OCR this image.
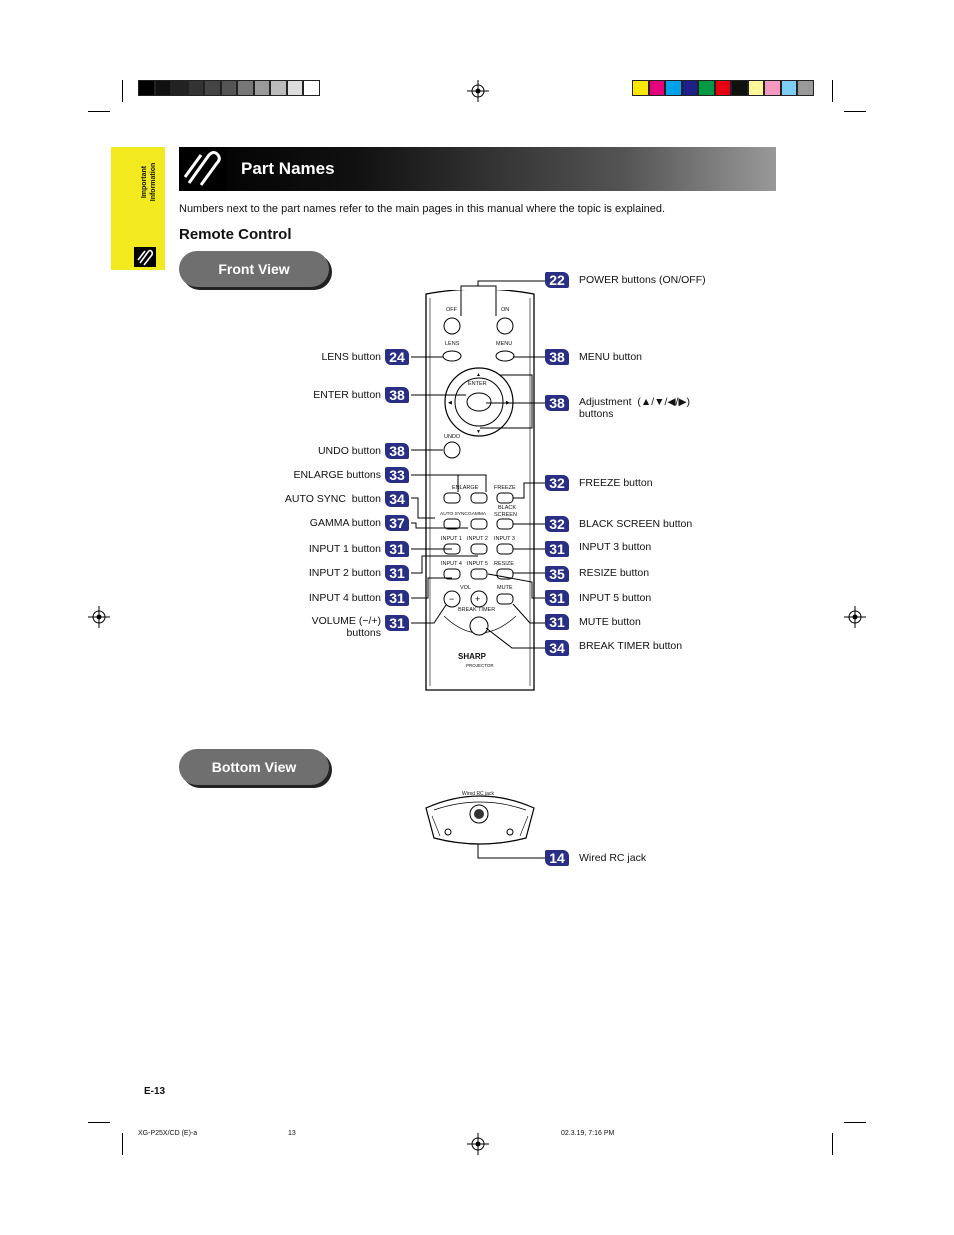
Important Information	Part Names
Numbers next to the part names refer to the main pages in this manual where the topic is explained.
Remote Control
Front View
Bottom View
▲
▼
◀	▶
− +
OFF	ON
LENS	MENU
ENTER
UNDO
ENLARGE	FREEZE
AUTO SYNC GAMMA
BLACK
SCREEN
INPUT 1 INPUT 2 INPUT 3
INPUT 4 INPUT 5 RESIZE
VOL	MUTE
BREAK TIMER
SHARP
PROJECTOR
LENS button 24
ENTER button 38
UNDO button 38
ENLARGE buttons 33
AUTO SYNC  button 34
GAMMA button 37
INPUT 1 button 31
INPUT 2 button 31
INPUT 4 button 31
VOLUME (−/+)
buttons
31
22	POWER buttons (ON/OFF)
38	MENU button
38	Adjustment  (▲/▼/◀/▶)
buttons
32	FREEZE button
32	BLACK SCREEN button
31	INPUT 3 button
35	RESIZE button
31	INPUT 5 button
31	MUTE button
34	BREAK TIMER button
Wired RC jack
14	Wired RC jack
E-13
XG-P25X/CD (E)-a	13	02.3.19, 7:16 PM
